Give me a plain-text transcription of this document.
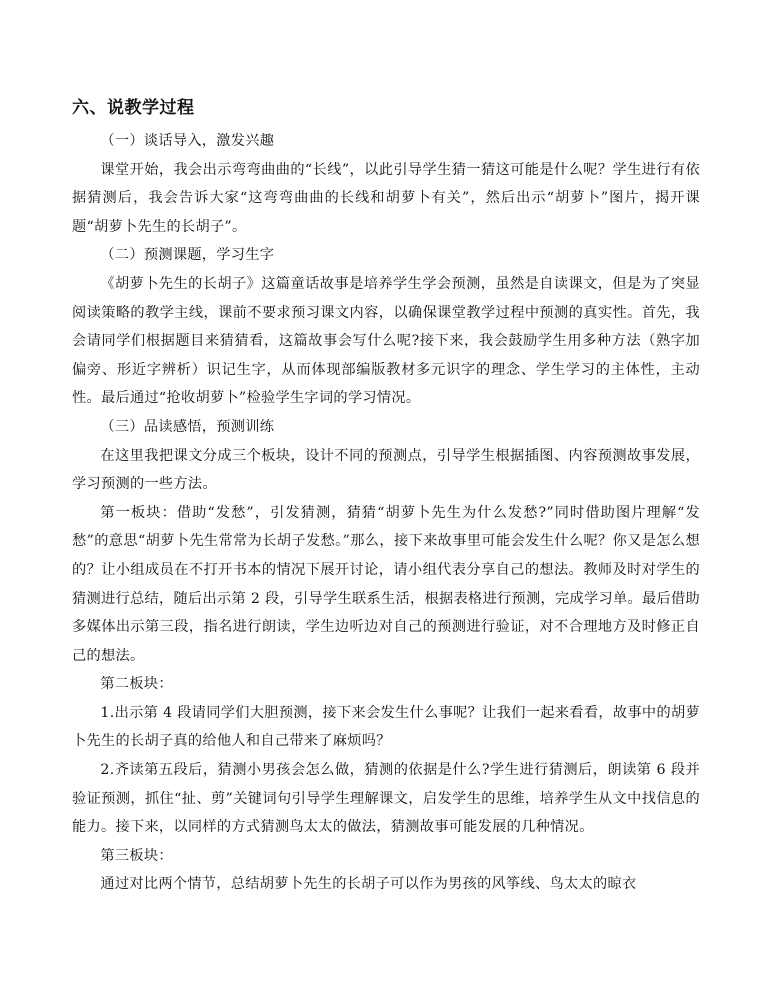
六、说教学过程

（一）谈话导入，激发兴趣

课堂开始，我会出示弯弯曲曲的“长线”，以此引导学生猜一猜这可能是什么呢？学生进行有依据猜测后，我会告诉大家“这弯弯曲曲的长线和胡萝卜有关”，然后出示“胡萝卜”图片，揭开课题“胡萝卜先生的长胡子”。

（二）预测课题，学习生字

《胡萝卜先生的长胡子》这篇童话故事是培养学生学会预测，虽然是自读课文，但是为了突显阅读策略的教学主线，课前不要求预习课文内容，以确保课堂教学过程中预测的真实性。首先，我会请同学们根据题目来猜猜看，这篇故事会写什么呢?接下来，我会鼓励学生用多种方法（熟字加偏旁、形近字辨析）识记生字，从而体现部编版教材多元识字的理念、学生学习的主体性，主动性。最后通过“抢收胡萝卜”检验学生字词的学习情况。

（三）品读感悟，预测训练

在这里我把课文分成三个板块，设计不同的预测点，引导学生根据插图、内容预测故事发展，学习预测的一些方法。

第一板块：借助“发愁”，引发猜测，猜猜“胡萝卜先生为什么发愁?”同时借助图片理解“发愁”的意思“胡萝卜先生常常为长胡子发愁。”那么，接下来故事里可能会发生什么呢？你又是怎么想的？让小组成员在不打开书本的情况下展开讨论，请小组代表分享自己的想法。教师及时对学生的猜测进行总结，随后出示第 2 段，引导学生联系生活，根据表格进行预测，完成学习单。最后借助多媒体出示第三段，指名进行朗读，学生边听边对自己的预测进行验证，对不合理地方及时修正自己的想法。

第二板块：

1.出示第 4 段请同学们大胆预测，接下来会发生什么事呢？让我们一起来看看，故事中的胡萝卜先生的长胡子真的给他人和自己带来了麻烦吗？

2.齐读第五段后，猜测小男孩会怎么做，猜测的依据是什么?学生进行猜测后，朗读第 6 段并验证预测，抓住“扯、剪”关键词句引导学生理解课文，启发学生的思维，培养学生从文中找信息的能力。接下来，以同样的方式猜测鸟太太的做法，猜测故事可能发展的几种情况。

第三板块：

通过对比两个情节，总结胡萝卜先生的长胡子可以作为男孩的风筝线、鸟太太的晾衣
